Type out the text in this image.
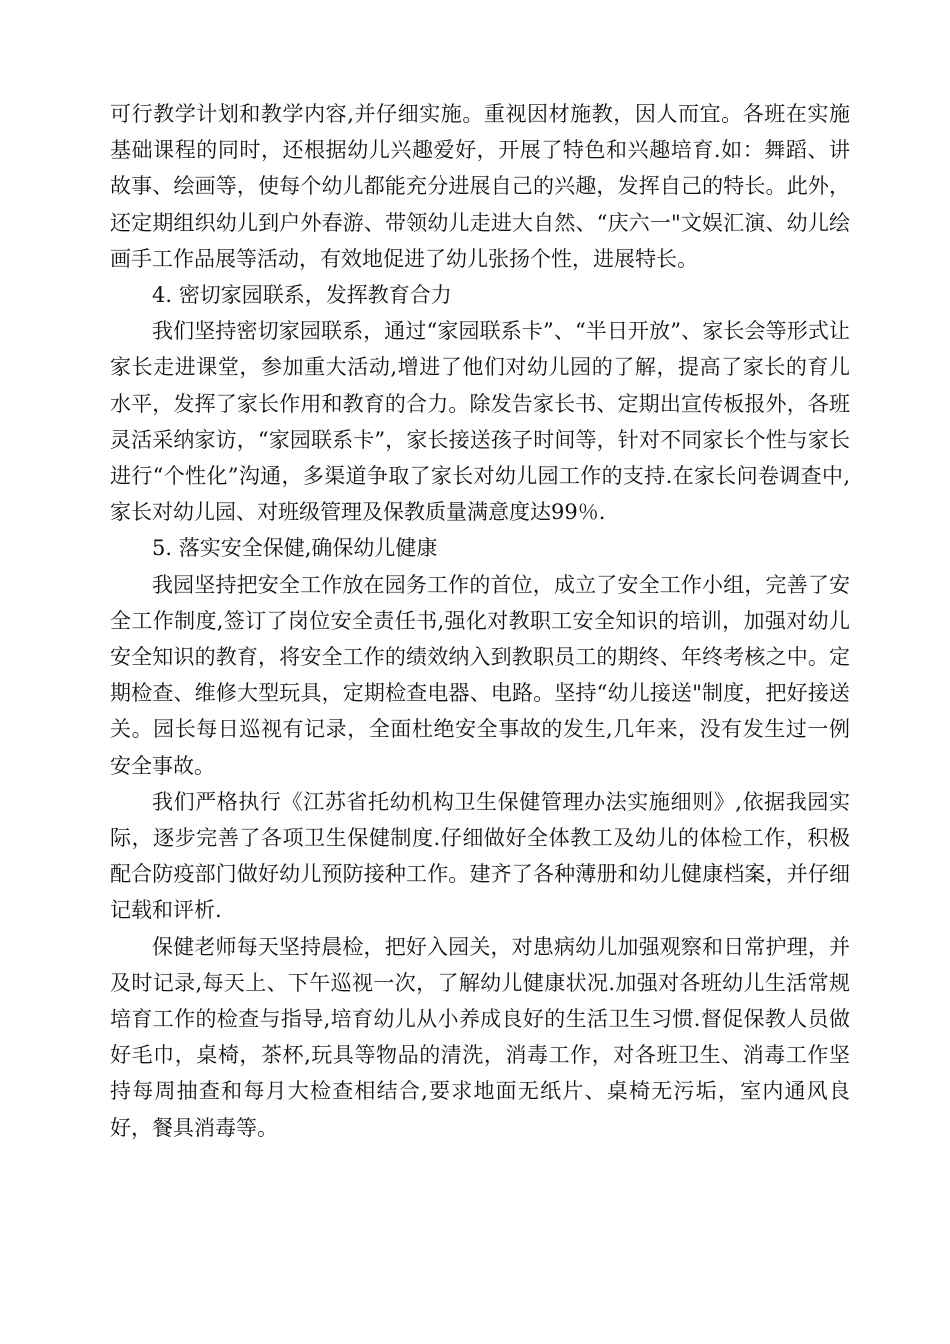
可行教学计划和教学内容,并仔细实施。重视因材施教，因人而宜。各班在实施基础课程的同时，还根据幼儿兴趣爱好，开展了特色和兴趣培育.如：舞蹈、讲故事、绘画等，使每个幼儿都能充分进展自己的兴趣，发挥自己的特长。此外，还定期组织幼儿到户外春游、带领幼儿走进大自然、“庆六一"文娱汇演、幼儿绘画手工作品展等活动，有效地促进了幼儿张扬个性，进展特长。

4. 密切家园联系，发挥教育合力

我们坚持密切家园联系，通过“家园联系卡”、“半日开放”、家长会等形式让家长走进课堂，参加重大活动,增进了他们对幼儿园的了解，提高了家长的育儿水平，发挥了家长作用和教育的合力。除发告家长书、定期出宣传板报外，各班灵活采纳家访，“家园联系卡”，家长接送孩子时间等，针对不同家长个性与家长进行“个性化”沟通，多渠道争取了家长对幼儿园工作的支持.在家长问卷调查中,家长对幼儿园、对班级管理及保教质量满意度达99％.

5. 落实安全保健,确保幼儿健康

我园坚持把安全工作放在园务工作的首位，成立了安全工作小组，完善了安全工作制度,签订了岗位安全责任书,强化对教职工安全知识的培训，加强对幼儿安全知识的教育，将安全工作的绩效纳入到教职员工的期终、年终考核之中。定期检查、维修大型玩具，定期检查电器、电路。坚持“幼儿接送"制度，把好接送关。园长每日巡视有记录，全面杜绝安全事故的发生,几年来，没有发生过一例安全事故。

我们严格执行《江苏省托幼机构卫生保健管理办法实施细则》,依据我园实际，逐步完善了各项卫生保健制度.仔细做好全体教工及幼儿的体检工作，积极配合防疫部门做好幼儿预防接种工作。建齐了各种薄册和幼儿健康档案，并仔细记载和评析.

保健老师每天坚持晨检，把好入园关，对患病幼儿加强观察和日常护理，并及时记录,每天上、下午巡视一次，了解幼儿健康状况.加强对各班幼儿生活常规培育工作的检查与指导,培育幼儿从小养成良好的生活卫生习惯.督促保教人员做好毛巾，桌椅，茶杯,玩具等物品的清洗，消毒工作，对各班卫生、消毒工作坚持每周抽查和每月大检查相结合,要求地面无纸片、桌椅无污垢，室内通风良好，餐具消毒等。
